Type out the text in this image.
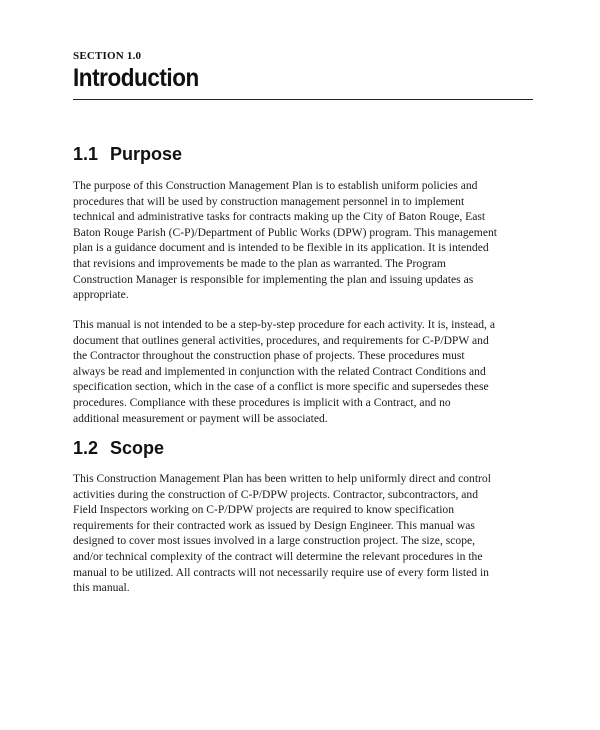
SECTION 1.0
Introduction
1.1 Purpose

The purpose of this Construction Management Plan is to establish uniform policies and
procedures that will be used by construction management personnel in to implement
technical and administrative tasks for contracts making up the City of Baton Rouge, East
Baton Rouge Parish (C-P)/Department of Public Works (DPW) program. This management
plan is a guidance document and is intended to be flexible in its application. It is intended
that revisions and improvements be made to the plan as warranted. The Program
Construction Manager is responsible for implementing the plan and issuing updates as
appropriate.

This manual is not intended to be a step-by-step procedure for each activity. It is, instead, a
document that outlines general activities, procedures, and requirements for C-P/DPW and
the Contractor throughout the construction phase of projects. These procedures must
always be read and implemented in conjunction with the related Contract Conditions and
specification section, which in the case of a conflict is more specific and supersedes these
procedures. Compliance with these procedures is implicit with a Contract, and no
additional measurement or payment will be associated.

1.2 Scope

This Construction Management Plan has been written to help uniformly direct and control
activities during the construction of C-P/DPW projects. Contractor, subcontractors, and
Field Inspectors working on C-P/DPW projects are required to know specification
requirements for their contracted work as issued by Design Engineer. This manual was
designed to cover most issues involved in a large construction project. The size, scope,
and/or technical complexity of the contract will determine the relevant procedures in the
manual to be utilized. All contracts will not necessarily require use of every form listed in
this manual.
